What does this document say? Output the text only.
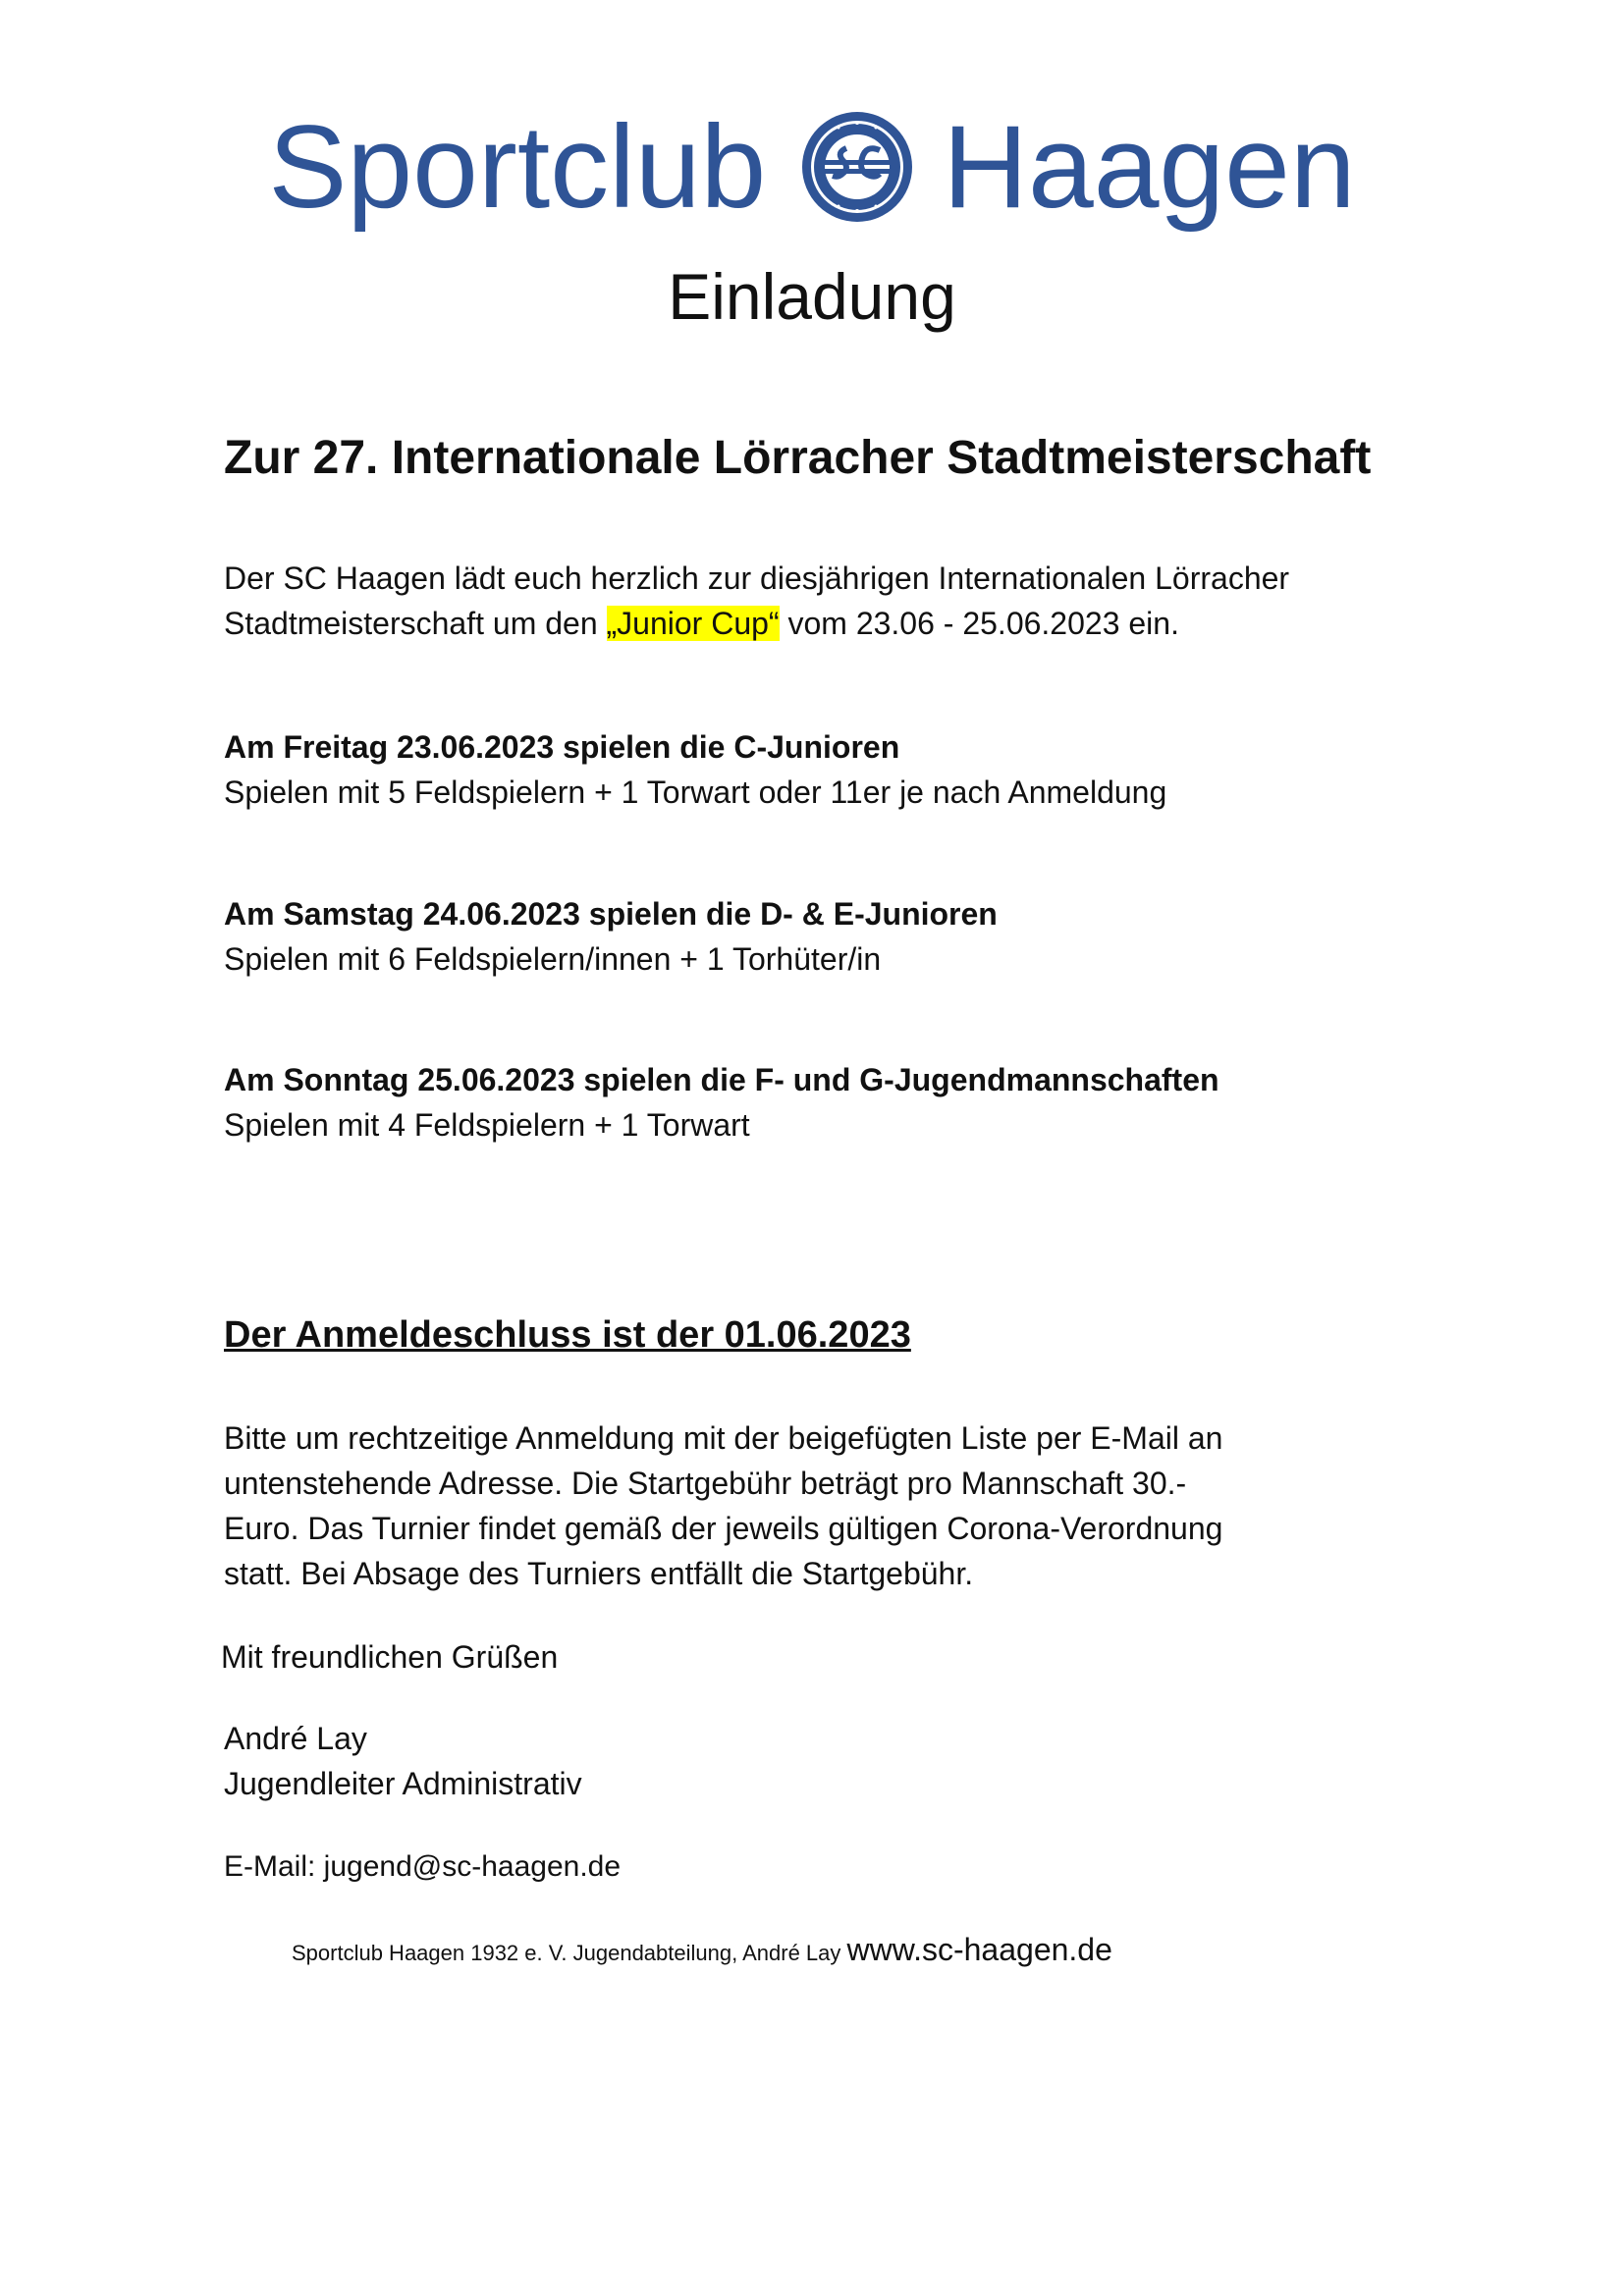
Sportclub Haagen
Einladung
Zur 27. Internationale Lörracher Stadtmeisterschaft
Der SC Haagen lädt euch herzlich zur diesjährigen Internationalen Lörracher
Stadtmeisterschaft um den „Junior Cup“ vom 23.06 - 25.06.2023 ein.
Am Freitag 23.06.2023 spielen die C-Junioren
Spielen mit 5 Feldspielern + 1 Torwart oder 11er je nach Anmeldung
Am Samstag 24.06.2023 spielen die D- & E-Junioren
Spielen mit 6 Feldspielern/innen + 1 Torhüter/in
Am Sonntag 25.06.2023 spielen die F- und G-Jugendmannschaften
Spielen mit 4 Feldspielern + 1 Torwart
Der Anmeldeschluss ist der 01.06.2023
Bitte um rechtzeitige Anmeldung mit der beigefügten Liste per E-Mail an
untenstehende Adresse. Die Startgebühr beträgt pro Mannschaft 30.-
Euro. Das Turnier findet gemäß der jeweils gültigen Corona-Verordnung
statt. Bei Absage des Turniers entfällt die Startgebühr.
Mit freundlichen Grüßen
André Lay
Jugendleiter Administrativ
E-Mail: jugend@sc-haagen.de
Sportclub Haagen 1932 e. V. Jugendabteilung, André Lay www.sc-haagen.de
